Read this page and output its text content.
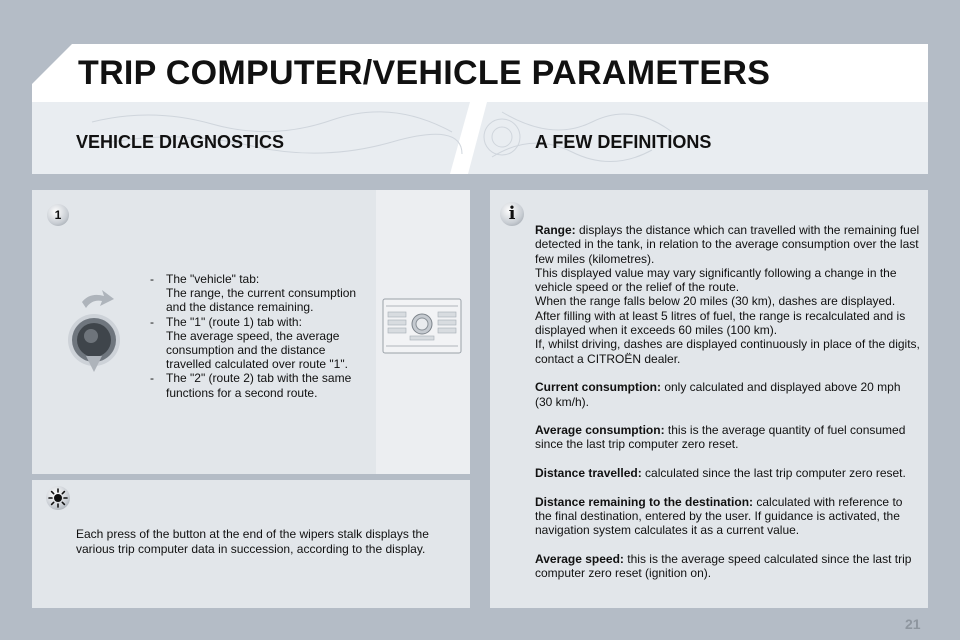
TRIP COMPUTER/VEHICLE PARAMETERS
VEHICLE DIAGNOSTICS	A FEW DEFINITIONS
1	i
- The "vehicle" tab:
The range, the current consumption and the distance remaining.
- The "1" (route 1) tab with:
The average speed, the average consumption and the distance travelled calculated over route "1".
- The "2" (route 2) tab with the same functions for a second route.
Each press of the button at the end of the wipers stalk displays the various trip computer data in succession, according to the display.

Range: displays the distance which can travelled with the remaining fuel detected in the tank, in relation to the average consumption over the last few miles (kilometres).

This displayed value may vary significantly following a change in the vehicle speed or the relief of the route.

When the range falls below 20 miles (30 km), dashes are displayed. After filling with at least 5 litres of fuel, the range is recalculated and is displayed when it exceeds 60 miles (100 km).

If, whilst driving, dashes are displayed continuously in place of the digits, contact a CITROËN dealer.

Current consumption: only calculated and displayed above 20 mph (30 km/h).

Average consumption: this is the average quantity of fuel consumed since the last trip computer zero reset.

Distance travelled: calculated since the last trip computer zero reset.

Distance remaining to the destination: calculated with reference to the final destination, entered by the user. If guidance is activated, the navigation system calculates it as a current value.

Average speed: this is the average speed calculated since the last trip computer zero reset (ignition on).

21
